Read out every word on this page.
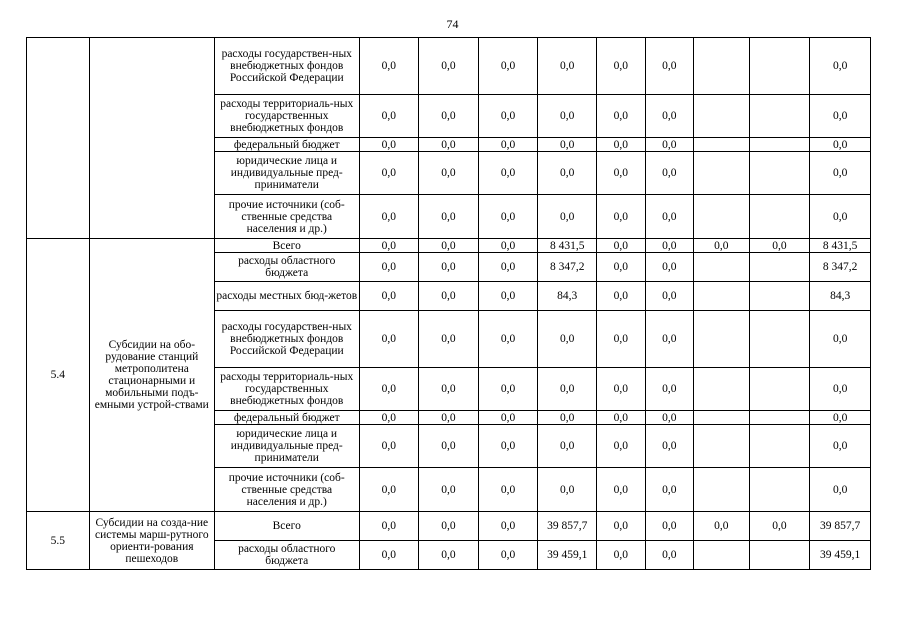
74
		расходы государствен-ных внебюджетных фондов Российской Федерации	0,0	0,0	0,0	0,0	0,0	0,0			0,0
		расходы территориаль-ных государственных внебюджетных фондов	0,0	0,0	0,0	0,0	0,0	0,0			0,0
		федеральный бюджет	0,0	0,0	0,0	0,0	0,0	0,0			0,0
		юридические лица и индивидуальные пред-приниматели	0,0	0,0	0,0	0,0	0,0	0,0			0,0
		прочие источники (соб-ственные средства населения и др.)	0,0	0,0	0,0	0,0	0,0	0,0			0,0
5.4	Субсидии на обо-рудование станций метрополитена стационарными и мобильными подъ-емными устрой-ствами	Всего	0,0	0,0	0,0	8 431,5	0,0	0,0	0,0	0,0	8 431,5
		расходы областного бюджета	0,0	0,0	0,0	8 347,2	0,0	0,0			8 347,2
		расходы местных бюд-жетов	0,0	0,0	0,0	84,3	0,0	0,0			84,3
		расходы государствен-ных внебюджетных фондов Российской Федерации	0,0	0,0	0,0	0,0	0,0	0,0			0,0
		расходы территориаль-ных государственных внебюджетных фондов	0,0	0,0	0,0	0,0	0,0	0,0			0,0
		федеральный бюджет	0,0	0,0	0,0	0,0	0,0	0,0			0,0
		юридические лица и индивидуальные пред-приниматели	0,0	0,0	0,0	0,0	0,0	0,0			0,0
		прочие источники (соб-ственные средства населения и др.)	0,0	0,0	0,0	0,0	0,0	0,0			0,0
5.5	Субсидии на созда-ние системы марш-рутного ориенти-рования пешеходов	Всего	0,0	0,0	0,0	39 857,7	0,0	0,0	0,0	0,0	39 857,7
		расходы областного бюджета	0,0	0,0	0,0	39 459,1	0,0	0,0			39 459,1
